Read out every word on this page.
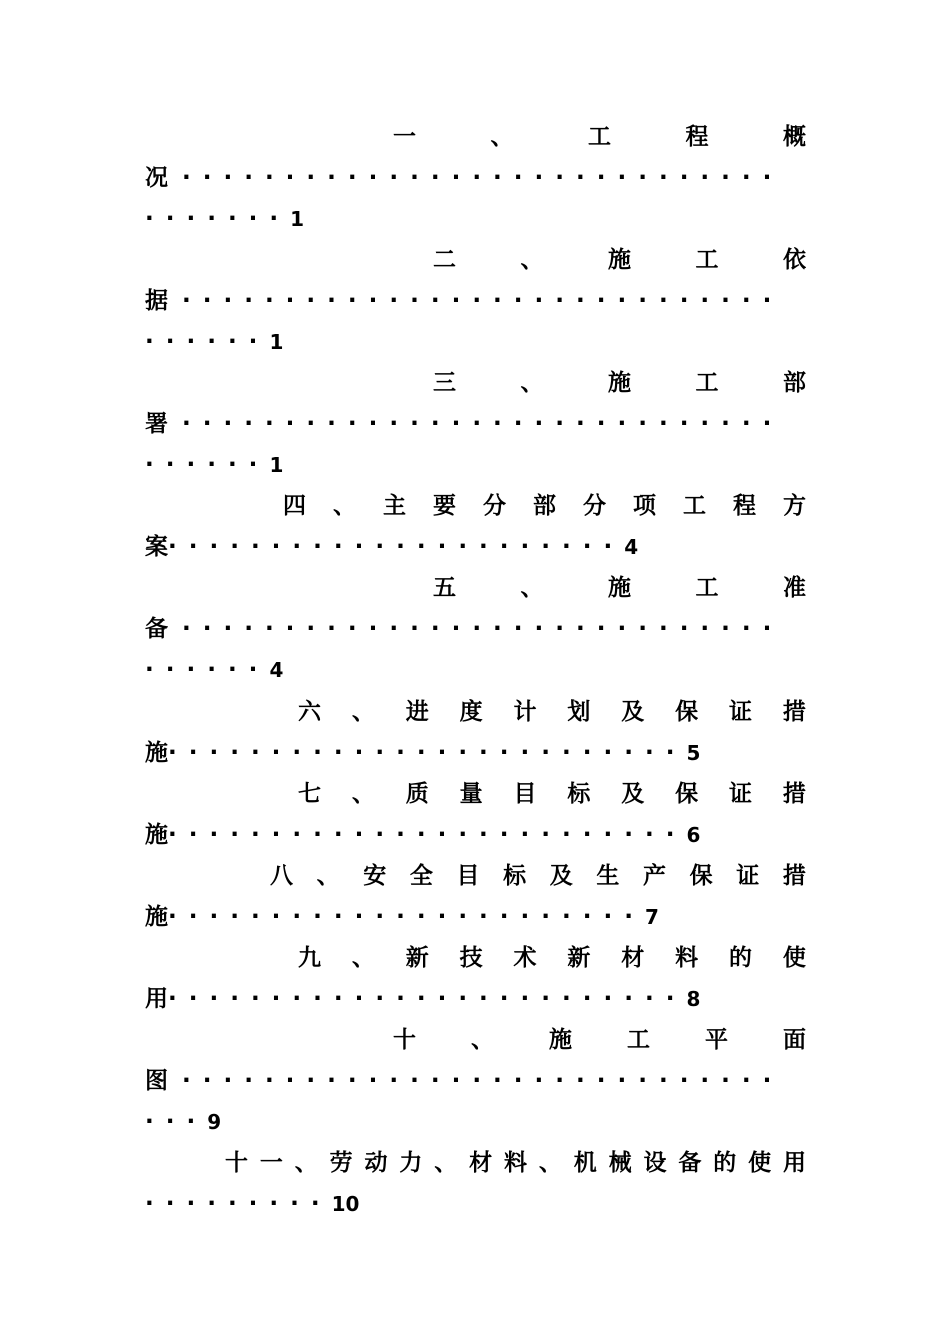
一	、	工	程	概
况 ·····························
·······1
二	、	施	工	依
据 ·····························
······1
三	、	施	工	部
署 ·····························
······1
四 、 主 要 分 部 分 项 工 程 方
案······················4
五	、	施	工	准
备 ·····························
······4
六 、 进 度 计 划 及 保 证 措
施·························5
七 、 质 量 目 标 及 保 证 措
施·························6
八 、 安 全 目 标 及 生 产 保 证 措
施·······················7
九 、 新 技 术 新 材 料 的 使
用·························8
十 、 施 工 平 面
图 ·····························
···9
十 一 、 劳 动 力 、 材 料 、 机 械 设 备 的 使 用
·········10
